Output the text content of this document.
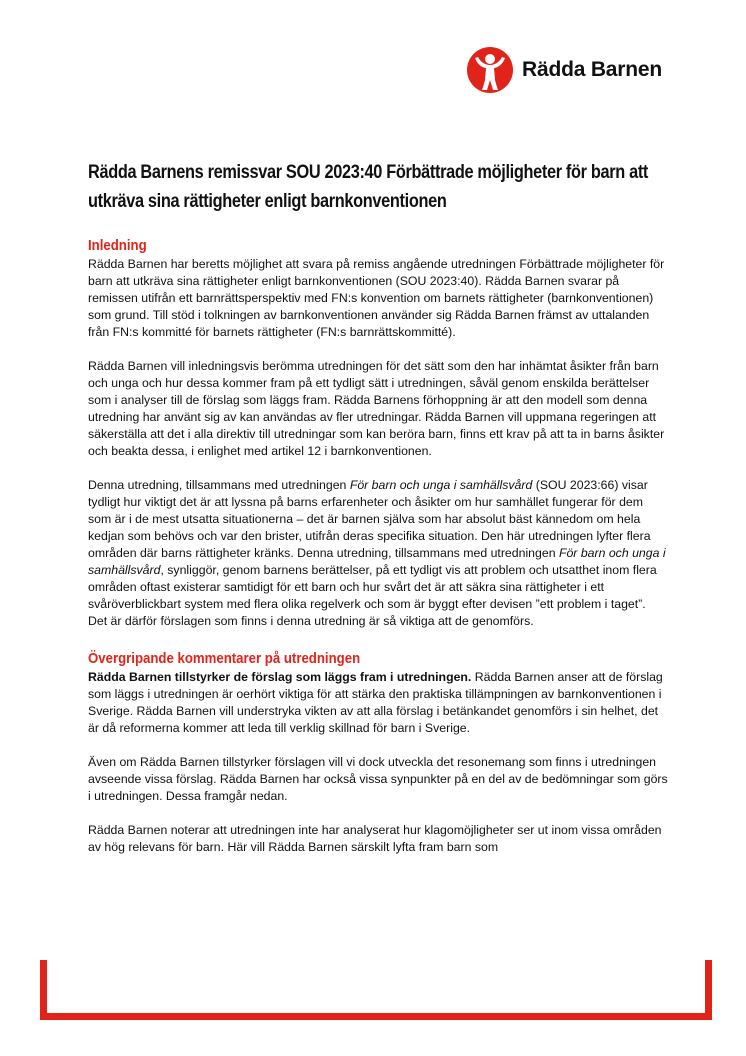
Rädda Barnen
Rädda Barnens remissvar SOU 2023:40 Förbättrade möjligheter för barn att utkräva sina rättigheter enligt barnkonventionen
Inledning

Rädda Barnen har beretts möjlighet att svara på remiss angående utredningen Förbättrade möjligheter för barn att utkräva sina rättigheter enligt barnkonventionen (SOU 2023:40). Rädda Barnen svarar på remissen utifrån ett barnrättsperspektiv med FN:s konvention om barnets rättigheter (barnkonventionen) som grund. Till stöd i tolkningen av barnkonventionen använder sig Rädda Barnen främst av uttalanden från FN:s kommitté för barnets rättigheter (FN:s barnrättskommitté).

Rädda Barnen vill inledningsvis berömma utredningen för det sätt som den har inhämtat åsikter från barn och unga och hur dessa kommer fram på ett tydligt sätt i utredningen, såväl genom enskilda berättelser som i analyser till de förslag som läggs fram. Rädda Barnens förhoppning är att den modell som denna utredning har använt sig av kan användas av fler utredningar. Rädda Barnen vill uppmana regeringen att säkerställa att det i alla direktiv till utredningar som kan beröra barn, finns ett krav på att ta in barns åsikter och beakta dessa, i enlighet med artikel 12 i barnkonventionen.

Denna utredning, tillsammans med utredningen För barn och unga i samhällsvård (SOU 2023:66) visar tydligt hur viktigt det är att lyssna på barns erfarenheter och åsikter om hur samhället fungerar för dem som är i de mest utsatta situationerna – det är barnen själva som har absolut bäst kännedom om hela kedjan som behövs och var den brister, utifrån deras specifika situation. Den här utredningen lyfter flera områden där barns rättigheter kränks. Denna utredning, tillsammans med utredningen För barn och unga i samhällsvård, synliggör, genom barnens berättelser, på ett tydligt vis att problem och utsatthet inom flera områden oftast existerar samtidigt för ett barn och hur svårt det är att säkra sina rättigheter i ett svåröverblickbart system med flera olika regelverk och som är byggt efter devisen ”ett problem i taget”. Det är därför förslagen som finns i denna utredning är så viktiga att de genomförs.

Övergripande kommentarer på utredningen

Rädda Barnen tillstyrker de förslag som läggs fram i utredningen. Rädda Barnen anser att de förslag som läggs i utredningen är oerhört viktiga för att stärka den praktiska tillämpningen av barnkonventionen i Sverige. Rädda Barnen vill understryka vikten av att alla förslag i betänkandet genomförs i sin helhet, det är då reformerna kommer att leda till verklig skillnad för barn i Sverige.

Även om Rädda Barnen tillstyrker förslagen vill vi dock utveckla det resonemang som finns i utredningen avseende vissa förslag. Rädda Barnen har också vissa synpunkter på en del av de bedömningar som görs i utredningen. Dessa framgår nedan.

Rädda Barnen noterar att utredningen inte har analyserat hur klagomöjligheter ser ut inom vissa områden av hög relevans för barn. Här vill Rädda Barnen särskilt lyfta fram barn som
